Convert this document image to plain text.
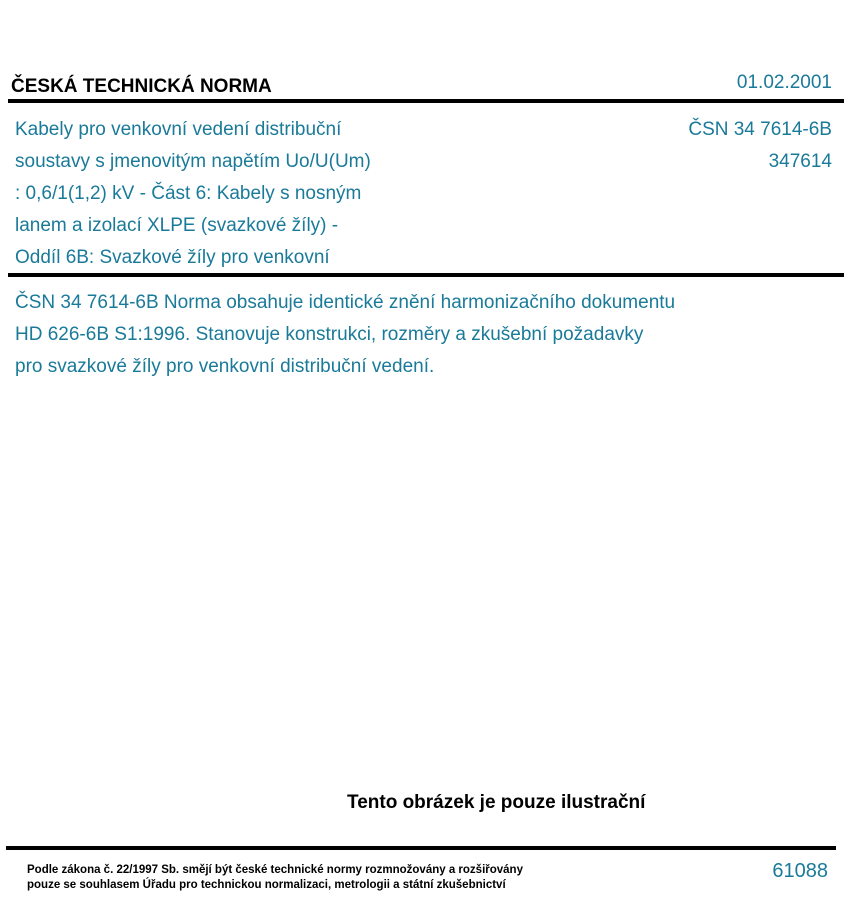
ČESKÁ TECHNICKÁ NORMA	01.02.2001
Kabely pro venkovní vedení distribuční
soustavy s jmenovitým napětím Uo/U(Um)
: 0,6/1(1,2) kV - Část 6: Kabely s nosným
lanem a izolací XLPE (svazkové žíly) -
Oddíl 6B: Svazkové žíly pro venkovní
ČSN 34 7614-6B
347614
ČSN 34 7614-6B Norma obsahuje identické znění harmonizačního dokumentu
HD 626-6B S1:1996. Stanovuje konstrukci, rozměry a zkušební požadavky
pro svazkové žíly pro venkovní distribuční vedení.
Tento obrázek je pouze ilustrační
Podle zákona č. 22/1997 Sb. smějí být české technické normy rozmnožovány a rozšiřovány
pouze se souhlasem Úřadu pro technickou normalizaci, metrologii a státní zkušebnictví
61088
